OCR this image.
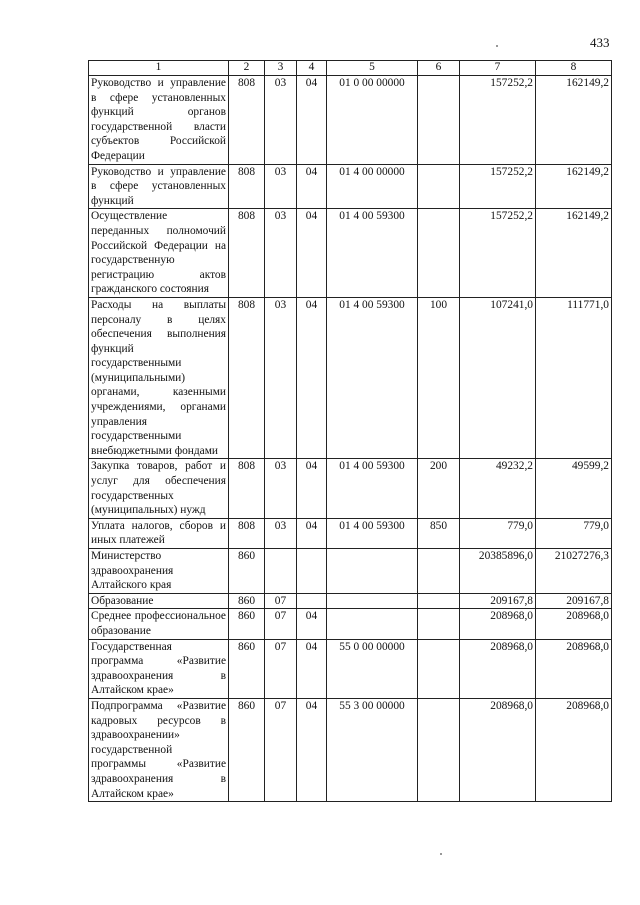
433
1	2	3	4	5	6	7	8
Руководство и управление в сфере установленных функций органов государственной власти субъектов Российской Федерации	808	03	04	01 0 00 00000		157252,2	162149,2
Руководство и управление в сфере установленных функций	808	03	04	01 4 00 00000		157252,2	162149,2
Осуществление переданных полномочий Российской Федерации на государственную регистрацию актов гражданского состояния	808	03	04	01 4 00 59300		157252,2	162149,2
Расходы на выплаты персоналу в целях обеспечения выполнения функций государственными (муниципальными) органами, казенными учреждениями, органами управления государственными внебюджетными фондами	808	03	04	01 4 00 59300	100	107241,0	111771,0
Закупка товаров, работ и услуг для обеспечения государственных (муниципальных) нужд	808	03	04	01 4 00 59300	200	49232,2	49599,2
Уплата налогов, сборов и иных платежей	808	03	04	01 4 00 59300	850	779,0	779,0
Министерство здравоохранения Алтайского края	860					20385896,0	21027276,3
Образование	860	07				209167,8	209167,8
Среднее профессиональное образование	860	07	04			208968,0	208968,0
Государственная программа «Развитие здравоохранения в Алтайском крае»	860	07	04	55 0 00 00000		208968,0	208968,0
Подпрограмма «Развитие кадровых ресурсов в здравоохранении» государственной программы «Развитие здравоохранения в Алтайском крае»	860	07	04	55 3 00 00000		208968,0	208968,0
